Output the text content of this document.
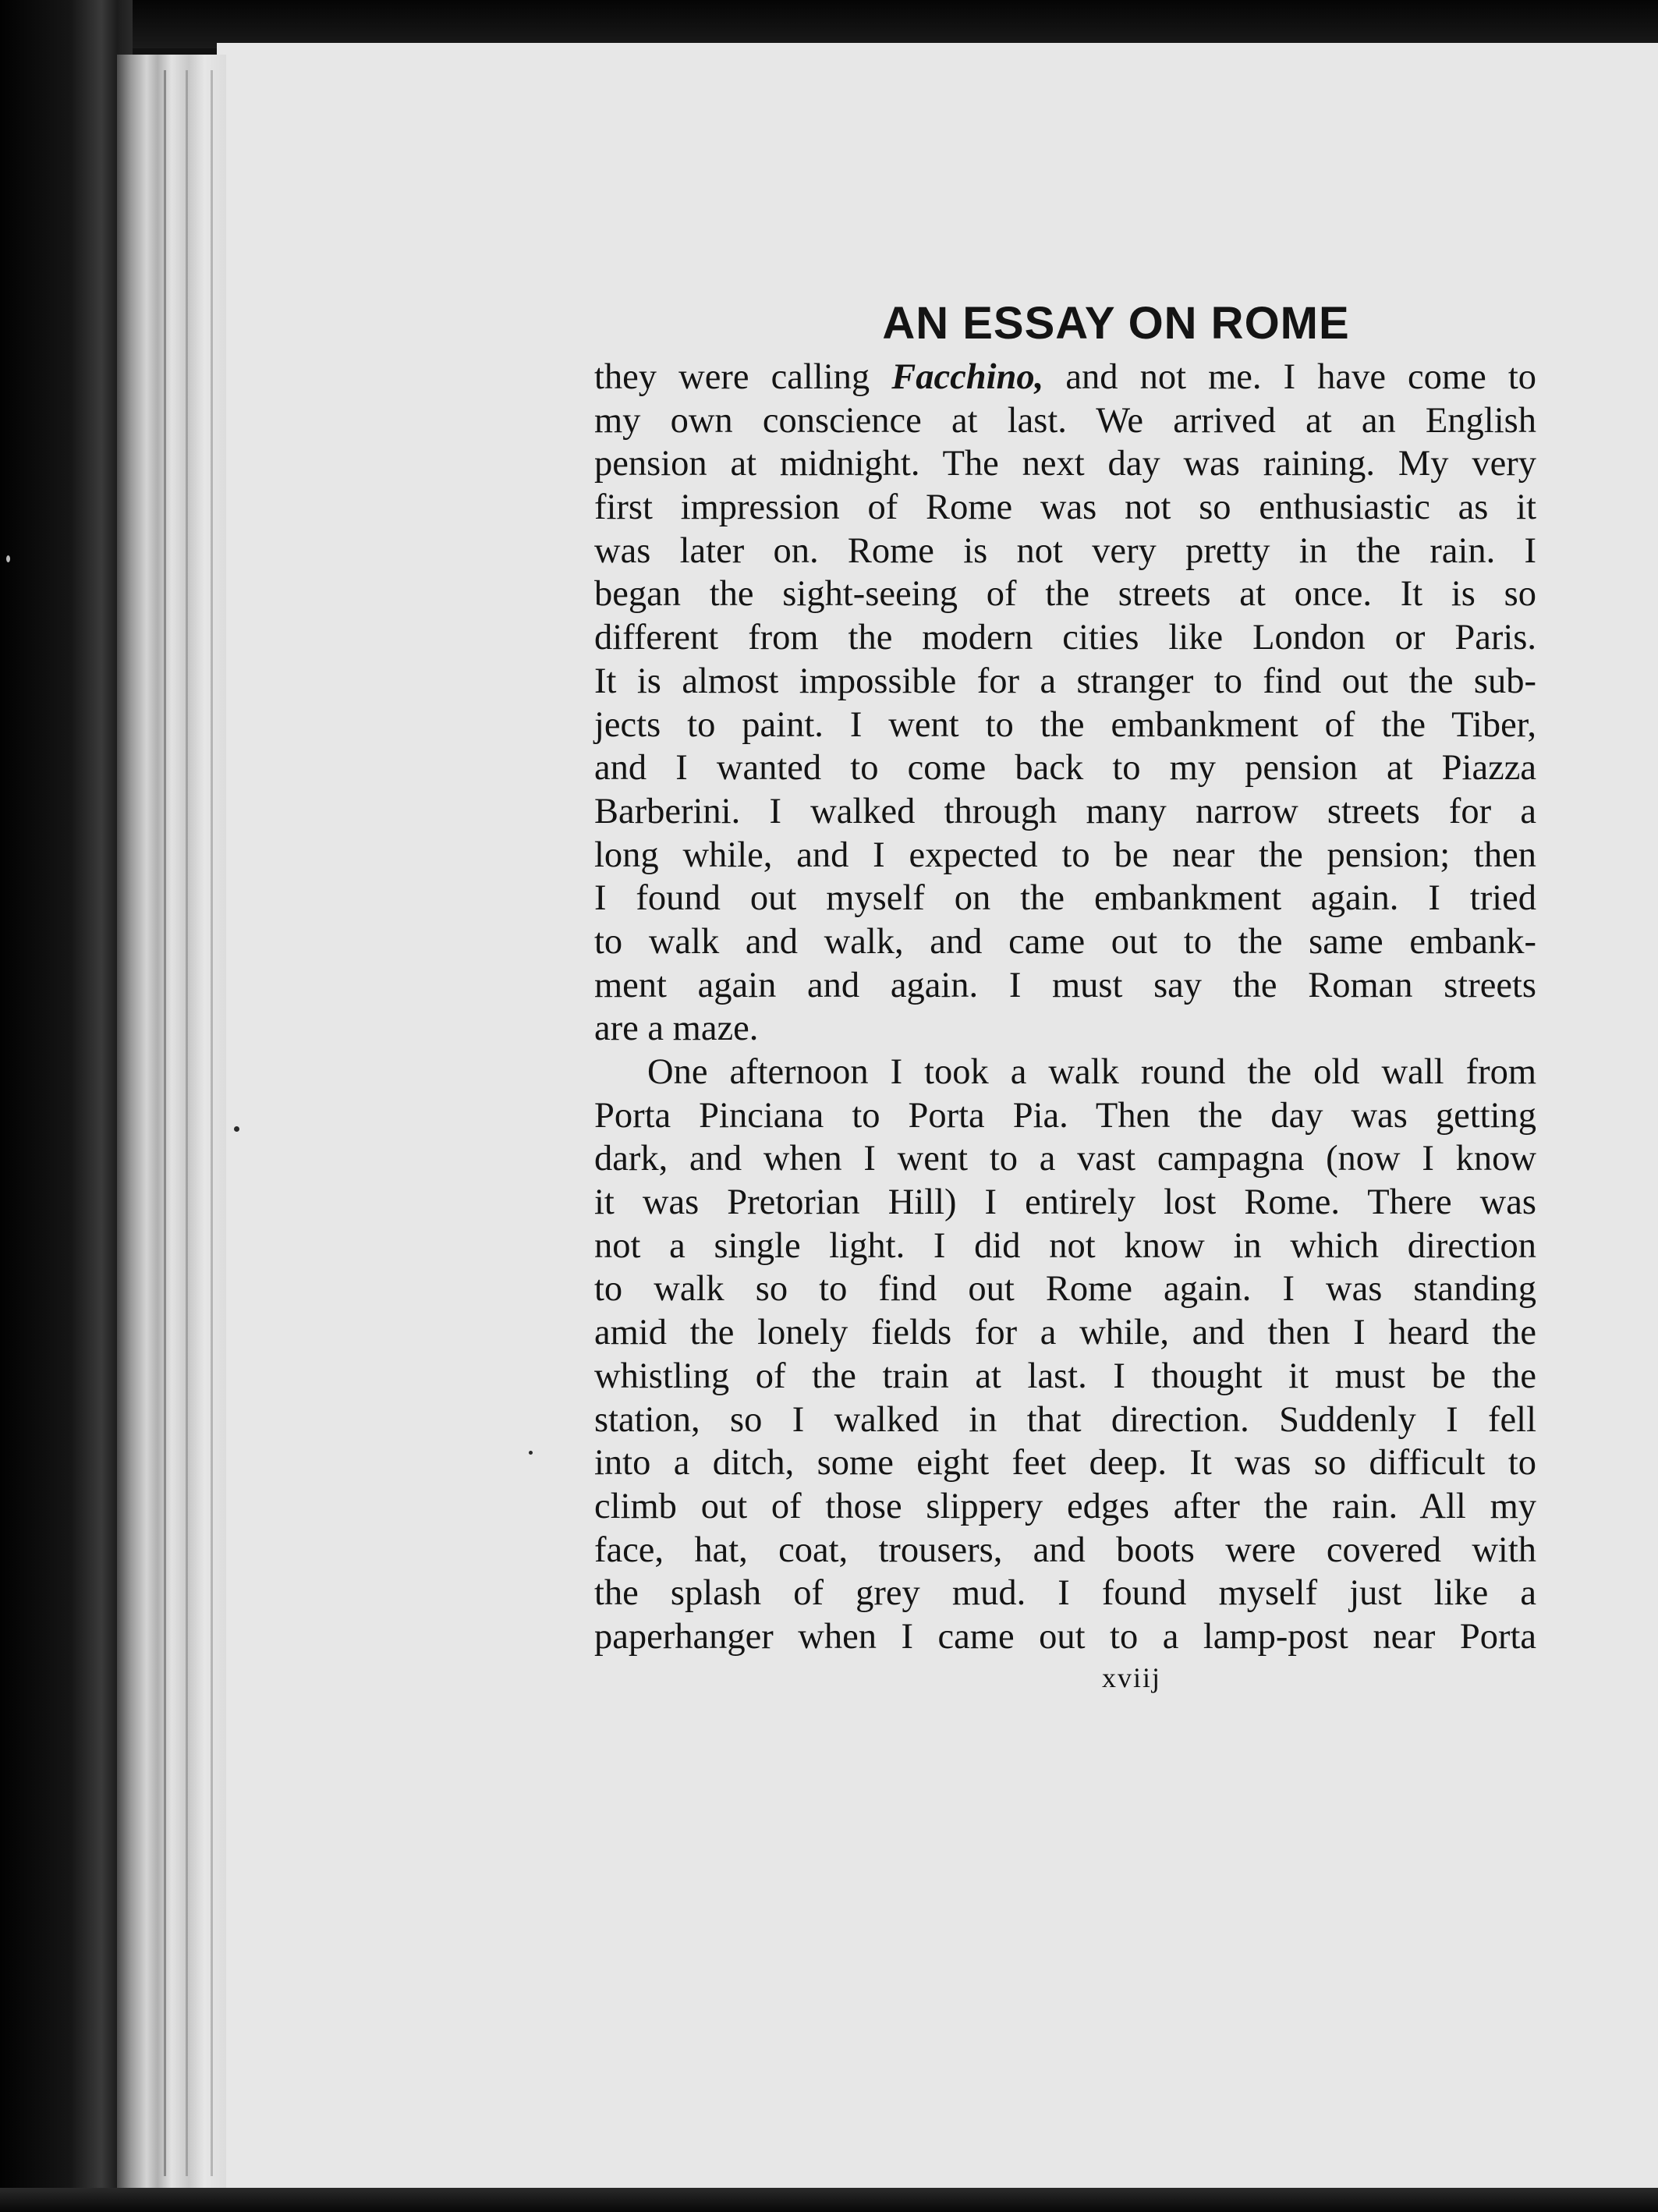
AN ESSAY ON ROME
they were calling Facchino, and not me. I have come to
my own conscience at last. We arrived at an English
pension at midnight. The next day was raining. My very
first impression of Rome was not so enthusiastic as it
was later on. Rome is not very pretty in the rain. I
began the sight-seeing of the streets at once. It is so
different from the modern cities like London or Paris.
It is almost impossible for a stranger to find out the sub-
jects to paint. I went to the embankment of the Tiber,
and I wanted to come back to my pension at Piazza
Barberini. I walked through many narrow streets for a
long while, and I expected to be near the pension; then
I found out myself on the embankment again. I tried
to walk and walk, and came out to the same embank-
ment again and again. I must say the Roman streets
are a maze.
One afternoon I took a walk round the old wall from
Porta Pinciana to Porta Pia. Then the day was getting
dark, and when I went to a vast campagna (now I know
it was Pretorian Hill) I entirely lost Rome. There was
not a single light. I did not know in which direction
to walk so to find out Rome again. I was standing
amid the lonely fields for a while, and then I heard the
whistling of the train at last. I thought it must be the
station, so I walked in that direction. Suddenly I fell
into a ditch, some eight feet deep. It was so difficult to
climb out of those slippery edges after the rain. All my
face, hat, coat, trousers, and boots were covered with
the splash of grey mud. I found myself just like a
paperhanger when I came out to a lamp-post near Porta
xviij
